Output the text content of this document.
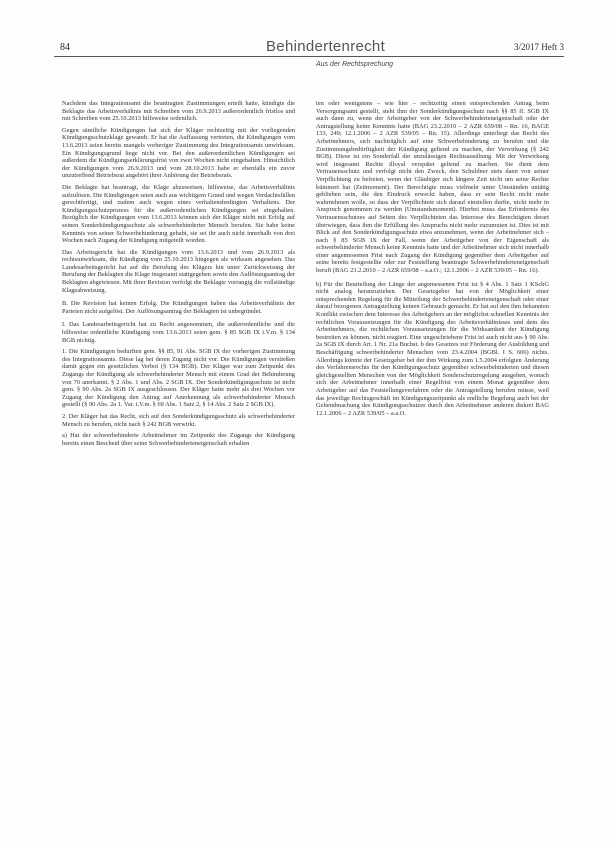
84	Behindertenrecht	3/2017 Heft 3
Aus der Rechtsprechung

Nachdem das Integrationsamt die beantragten Zustimmungen erteilt hatte, kündigte die Beklagte das Arbeitsverhältnis mit Schreiben vom 26.9.2013 außerordentlich fristlos und mit Schreiben vom 25.10.2013 hilfsweise ordentlich.

Gegen sämtliche Kündigungen hat sich der Kläger rechtzeitig mit der vorliegenden Kündigungsschutzklage gewandt. Er hat die Auffassung vertreten, die Kündigungen vom 13.6.2013 seien bereits mangels vorheriger Zustimmung des Integrationsamts unwirksam. Ein Kündigungsgrund liege nicht vor. Bei den außerordentlichen Kündigungen sei außerdem die Kündigungserklärungsfrist von zwei Wochen nicht eingehalten. Hinsichtlich der Kündigungen vom 26.9.2013 und vom 28.10.2013 habe er ebenfalls ein zuvor unzutreffend Betriebsrat angehört ihrer Anhörung der Betriebsrats.

Die Beklagte hat beantragt, die Klage abzuweisen, hilfsweise, das Arbeitsverhältnis aufzulösen. Die Kündigungen seien auch aus wichtigem Grund und wegen Verdachtsfällen gerechtfertigt, und zudem auch wegen eines verhaltensbedingten Verhaltens. Der Kündigungsschutzprozess für die außerordentlichen Kündigungen sei eingehalten. Bezüglich der Kündigungen vom 13.6.2013 können sich der Kläger nicht mit Erfolg auf seinen Sonderkündigungsschutz als schwerbehinderter Mensch berufen. Sie habe keine Kenntnis von seiner Schwerbehinderung gehabt, sie sei ihr auch nicht innerhalb von drei Wochen nach Zugang der Kündigung mitgeteilt worden.

Das Arbeitsgericht hat die Kündigungen vom 13.6.2013 und vom 26.9.2013 als rechtsunwirksam, die Kündigung vom 25.10.2013 hingegen als wirksam angesehen. Das Landesarbeitsgericht hat auf die Berufung des Klägers hin unter Zurückweisung der Berufung der Beklagten die Klage insgesamt stattgegeben sowie den Auflösungsantrag der Beklagten abgewiesen. Mit ihrer Revision verfolgt die Beklagte vorrangig die vollständige Klageabweisung.

B. Die Revision hat keinen Erfolg. Die Kündigungen haben das Arbeitsverhältnis der Parteien nicht aufgelöst. Der Auflösungsantrag der Beklagten ist unbegründet.

I. Das Landesarbeitsgericht hat zu Recht angenommen, die außerordentliche und die hilfsweise ordentliche Kündigung vom 13.6.2013 seien gem. § 85 SGB IX i.V.m. § 134 BGB nichtig.

1. Die Kündigungen bedurften gem. §§ 85, 91 Abs. SGB IX der vorherigen Zustimmung des Integrationsamts. Diese lag bei deren Zugang nicht vor. Die Kündigungen verstießen damit gegen ein gesetzliches Verbot (§ 134 BGB). Der Kläger war zum Zeitpunkt des Zugangs der Kündigung als schwerbehinderter Mensch mit einem Grad der Behinderung von 70 anerkannt. § 2 Abs. 1 und Abs. 2 SGB IX. Der Sonderkündigungsschutz ist nicht gem. § 90 Abs. 2a SGB IX ausgeschlossen. Der Kläger hatte mehr als drei Wochen vor Zugang der Kündigung den Antrag auf Anerkennung als schwerbehinderter Mensch gestellt (§ 90 Abs. 2a 1. Var. i.V.m. § 69 Abs. 1 Satz 2, § 14 Abs. 2 Satz 2 SGB IX).

2. Der Kläger hat das Recht, sich auf den Sonderkündigungsschutz als schwerbehinderter Mensch zu berufen, nicht nach § 242 BGB verwirkt.

a) Hat der schwerbehinderte Arbeitnehmer im Zeitpunkt des Zugangs der Kündigung bereits einen Bescheid über seine Schwerbehinderteneigenschaft erhalten

ten oder wenigstens – wie hier – rechtzeitig einen entsprechenden Antrag beim Versorgungsamt gestellt, steht ihm der Sonderkündigungsschutz nach §§ 85 ff. SGB IX auch dann zu, wenn der Arbeitgeber von der Schwerbehinderteneigenschaft oder der Antragstellung keine Kenntnis hatte (BAG 23.2.2010 – 2 AZR 659/08 – Rn. 16, BAGE 133, 249; 12.1.2006 – 2 AZR 539/05 – Rn. 15). Allerdings unterliegt das Recht des Arbeitnehmers, sich nachträglich auf eine Schwerbehinderung zu berufen und die Zustimmungsbedürftigkeit der Kündigung geltend zu machen, der Verwirkung (§ 242 BGB). Diese ist ein Sonderfall der unzulässigen Rechtsausübung. Mit der Verwirkung wird insgesamt Rechte illoyal verspätet geltend zu machen. Sie dient dem Vertrauensschutz und verfolgt nicht den Zweck, den Schuldner stets dann von seiner Verpflichtung zu befreien, wenn der Gläubiger sich längere Zeit nicht um seine Rechte kümmert hat (Zeitmoment). Der Berechtigte muss vielmehr unter Umständen untätig geblieben sein, die den Eindruck erweckt haben, dass er sein Recht nicht mehr wahrnehmen wolle, so dass der Verpflichtete sich darauf einstellen durfte, nicht mehr in Anspruch genommen zu werden (Umstandsmoment). Hierbei muss das Erfordernis des Vertrauensschutzes auf Seiten des Verpflichteten das Interesse des Berechtigten derart überwiegen, dass ihm die Erfüllung des Anspruchs nicht mehr zuzumuten ist. Dies ist mit Blick auf den Sonderkündigungsschutz etwa anzunehmen, wenn der Arbeitnehmer sich – nach § 85 SGB IX der Fall, wenn der Arbeitgeber von der Eigenschaft als schwerbehinderter Mensch keine Kenntnis hatte und der Arbeitnehmer sich nicht innerhalb einer angemessenen Frist nach Zugang der Kündigung gegenüber dem Arbeitgeber auf seine bereits festgestellte oder zur Feststellung beantragte Schwerbehinderteneigenschaft beruft (BAG 23.2.2010 – 2 AZR 659/08 – a.a.O.; 12.1.2006 – 2 AZR 539/05 – Rn. 16).

b) Für die Beurteilung der Länge der angemessenen Frist ist § 4 Abs. 1 Satz 1 KSchG nicht analog heranzuziehen. Der Gesetzgeber hat von der Möglichkeit einer entsprechenden Regelung für die Mitteilung der Schwerbehinderteneigenschaft oder einer darauf bezogenen Antragstellung keinen Gebrauch gemacht. Er hat auf den ihm bekannten Konflikt zwischen dem Interesse des Arbeitgebers an der möglichst schnellen Kenntnis der rechtlichen Voraussetzungen für die Kündigung des Arbeitsverhältnisses und dem des Arbeitnehmers, die rechtlichen Voraussetzungen für die Wirksamkeit der Kündigung bestreiten zu können, nicht reagiert. Eine ungeschriebene Frist ist auch nicht aus § 90 Abs. 2a SGB IX durch Art. 1 Nr. 21a Buchst. b des Gesetzes zur Förderung der Ausbildung und Beschäftigung schwerbehinderter Menschen vom 23.4.2004 (BGBl. I S. 606) nichts. Allerdings könnte der Gesetzgeber bei der ihm Wirkung zum 1.5.2004 erfolgten Änderung des Verfahrensrechts für den Kündigungsschutz gegenüber schwerbehinderten und diesen gleichgestellten Menschen von der Möglichkeit Sonderschutzregelung ausgehen, wonach sich der Arbeitnehmer innerhalb einer Regelfrist von einem Monat gegenüber dem Arbeitgeber auf das Feststellungsverfahren oder die Antragstellung berufen müsse, weil das jeweilige Rechtsgeschäft im Kündigungszeitpunkt als endliche Regelung auch bei der Geltendmachung des Kündigungsschutzes durch den Arbeitnehmer anderen diskret BAG 12.1.2006 – 2 AZR 539/05 – a.a.O.
